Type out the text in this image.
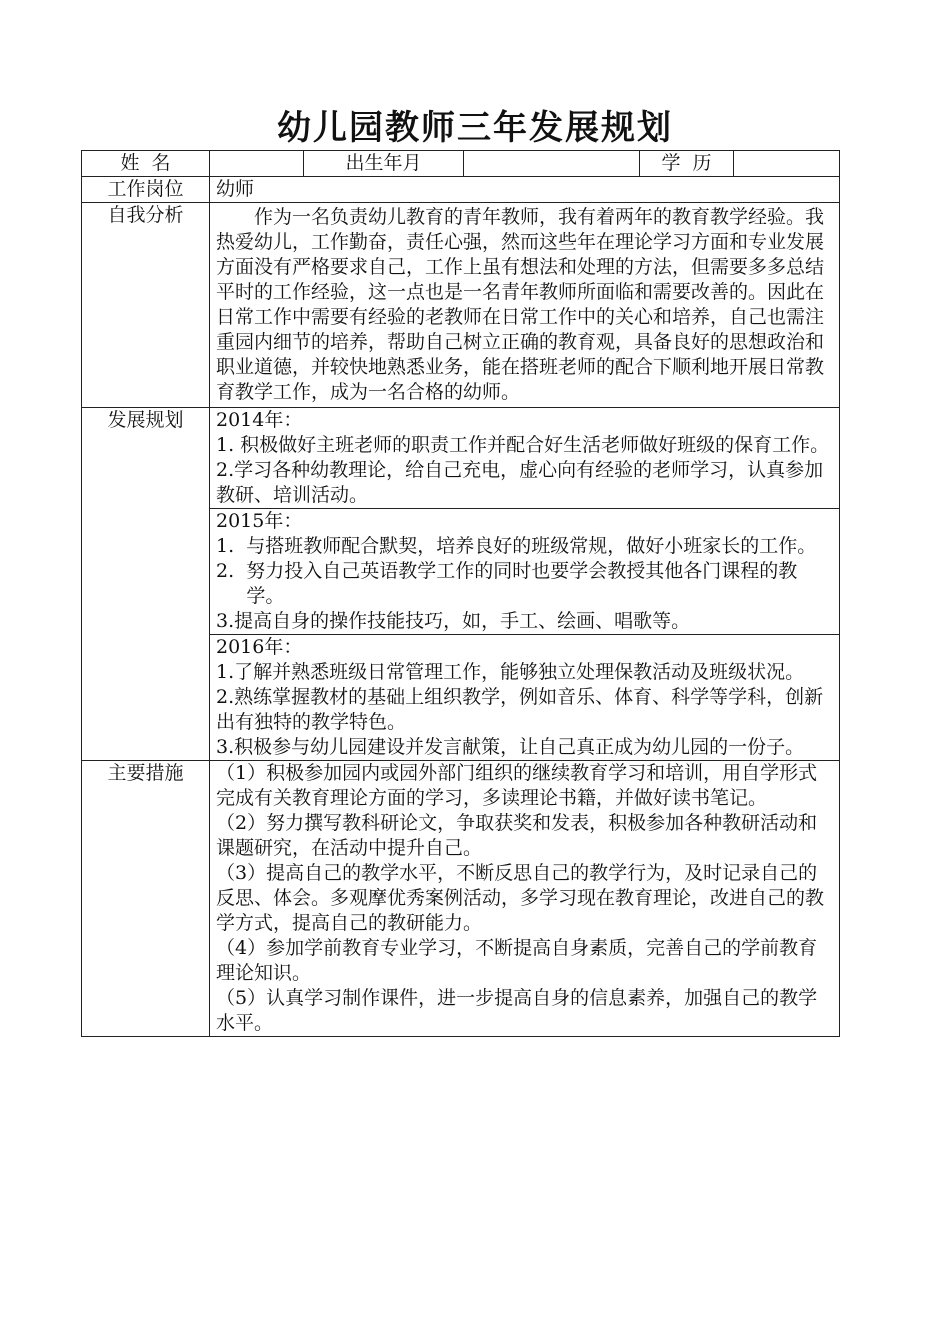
幼儿园教师三年发展规划
姓  名		出生年月		学  历	
工作岗位	幼师				
自我分析	作为一名负责幼儿教育的青年教师，我有着两年的教育教学经验。我热爱幼儿，工作勤奋，责任心强，然而这些年在理论学习方面和专业发展方面没有严格要求自己，工作上虽有想法和处理的方法，但需要多多总结平时的工作经验，这一点也是一名青年教师所面临和需要改善的。因此在日常工作中需要有经验的老教师在日常工作中的关心和培养，自己也需注重园内细节的培养，帮助自己树立正确的教育观，具备良好的思想政治和职业道德，并较快地熟悉业务，能在搭班老师的配合下顺利地开展日常教育教学工作，成为一名合格的幼师。				

发展规划	2014年：

1. 积极做好主班老师的职责工作并配合好生活老师做好班级的保育工作。

2.学习各种幼教理论，给自己充电，虚心向有经验的老师学习，认真参加教研、培训活动。				

	2015年：

1.  与搭班教师配合默契，培养良好的班级常规，做好小班家长的工作。

2.  努力投入自己英语教学工作的同时也要学会教授其他各门课程的教学。

3.提高自身的操作技能技巧，如，手工、绘画、唱歌等。				

	2016年：

1.了解并熟悉班级日常管理工作，能够独立处理保教活动及班级状况。

2.熟练掌握教材的基础上组织教学，例如音乐、体育、科学等学科，创新出有独特的教学特色。

3.积极参与幼儿园建设并发言献策，让自己真正成为幼儿园的一份子。				

主要措施	（1）积极参加园内或园外部门组织的继续教育学习和培训，用自学形式完成有关教育理论方面的学习，多读理论书籍，并做好读书笔记。

（2）努力撰写教科研论文，争取获奖和发表，积极参加各种教研活动和课题研究，在活动中提升自己。

（3）提高自己的教学水平，不断反思自己的教学行为，及时记录自己的反思、体会。多观摩优秀案例活动，多学习现在教育理论，改进自己的教学方式，提高自己的教研能力。

（4）参加学前教育专业学习，不断提高自身素质，完善自己的学前教育理论知识。

（5）认真学习制作课件，进一步提高自身的信息素养，加强自己的教学水平。				
